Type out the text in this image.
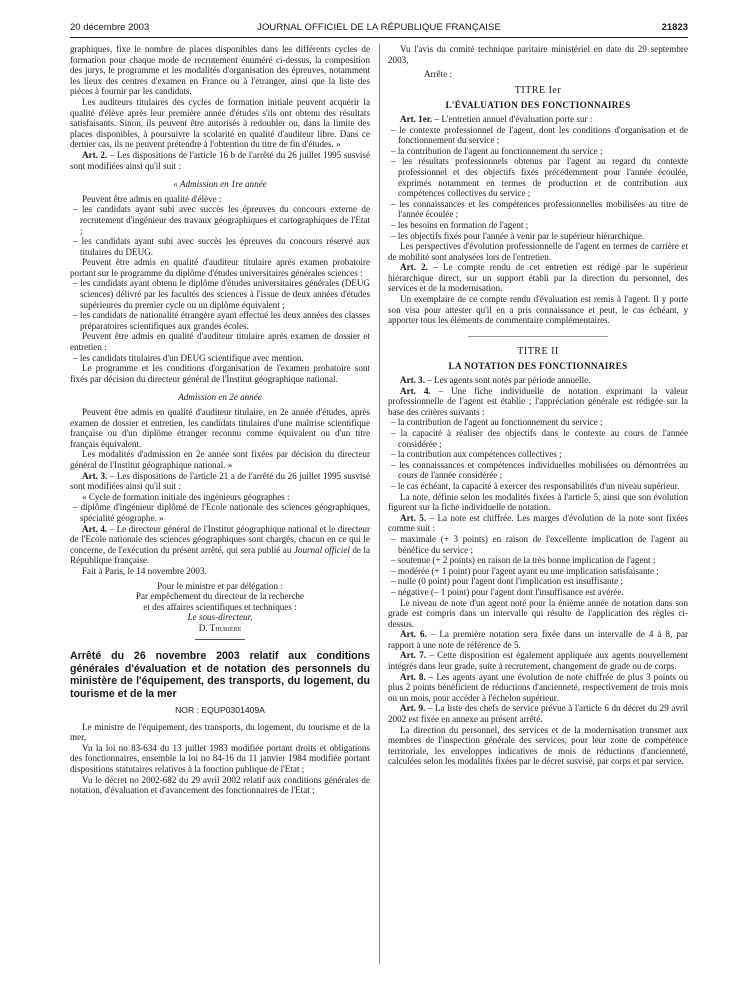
20 décembre 2003	JOURNAL OFFICIEL DE LA RÉPUBLIQUE FRANÇAISE	21823

graphiques, fixe le nombre de places disponibles dans les différents cycles de formation pour chaque mode de recrutement énuméré ci-dessus, la composition des jurys, le programme et les modalités d'organisation des épreuves, notamment les lieux des centres d'examen en France ou à l'étranger, ainsi que la liste des pièces à fournir par les candidats.

Les auditeurs titulaires des cycles de formation initiale peuvent acquérir la qualité d'élève après leur première année d'études s'ils ont obtenu des résultats satisfaisants. Sinon, ils peuvent être autorisés à redoubler ou, dans la limite des places disponibles, à poursuivre la scolarité en qualité d'auditeur libre. Dans ce dernier cas, ils ne peuvent prétendre à l'obtention du titre de fin d'études. »

Art. 2. – Les dispositions de l'article 16 b de l'arrêté du 26 juillet 1995 susvisé sont modifiées ainsi qu'il suit :

« Admission en 1re année

Peuvent être admis en qualité d'élève :

– les candidats ayant subi avec succès les épreuves du concours externe de recrutement d'ingénieur des travaux géographiques et cartographiques de l'Etat ;
– les candidats ayant subi avec succès les épreuves du concours réservé aux titulaires du DEUG.

Peuvent être admis en qualité d'auditeur titulaire après examen probatoire portant sur le programme du diplôme d'études universitaires générales sciences :

– les candidats ayant obtenu le diplôme d'études universitaires générales (DEUG sciences) délivré par les facultés des sciences à l'issue de deux années d'études supérieures du premier cycle ou un diplôme équivalent ;
– les candidats de nationalité étrangère ayant effectué les deux années des classes préparatoires scientifiques aux grandes écoles.

Peuvent être admis en qualité d'auditeur titulaire après examen de dossier et entretien :

– les candidats titulaires d'un DEUG scientifique avec mention.

Le programme et les conditions d'organisation de l'examen probatoire sont fixés par décision du directeur général de l'Institut géographique national.

Admission en 2e année

Peuvent être admis en qualité d'auditeur titulaire, en 2e année d'études, après examen de dossier et entretien, les candidats titulaires d'une maîtrise scientifique française ou d'un diplôme étranger reconnu comme équivalent ou d'un titre français équivalent.

Les modalités d'admission en 2e année sont fixées par décision du directeur général de l'Institut géographique national. »

Art. 3. – Les dispositions de l'article 21 a de l'arrêté du 26 juillet 1995 susvisé sont modifiées ainsi qu'il suit :

« Cycle de formation initiale des ingénieurs géographes :

– diplôme d'ingénieur diplômé de l'Ecole nationale des sciences géographiques, spécialité géographe. »

Art. 4. – Le directeur général de l'Institut géographique national et le directeur de l'Ecole nationale des sciences géographiques sont chargés, chacun en ce qui le concerne, de l'exécution du présent arrêté, qui sera publié au Journal officiel de la République française.

Fait à Paris, le 14 novembre 2003.

Pour le ministre et par délégation :

Par empêchement du directeur de la recherche

et des affaires scientifiques et techniques :

Le sous-directeur,

D. Thurière

Arrêté du 26 novembre 2003 relatif aux conditions générales d'évaluation et de notation des personnels du ministère de l'équipement, des transports, du logement, du tourisme et de la mer

NOR : EQUP0301409A

Le ministre de l'équipement, des transports, du logement, du tourisme et de la mer,

Vu la loi no 83-634 du 13 juillet 1983 modifiée portant droits et obligations des fonctionnaires, ensemble la loi no 84-16 du 11 janvier 1984 modifiée portant dispositions statutaires relatives à la fonction publique de l'Etat ;

Vu le décret no 2002-682 du 29 avril 2002 relatif aux conditions générales de notation, d'évaluation et d'avancement des fonctionnaires de l'Etat ;

Vu l'avis du comité technique paritaire ministériel en date du 29 septembre 2003,

Arrête :

TITRE Ier
L'ÉVALUATION DES FONCTIONNAIRES

Art. 1er. – L'entretien annuel d'évaluation porte sur :

– le contexte professionnel de l'agent, dont les conditions d'organisation et de fonctionnement du service ;
– la contribution de l'agent au fonctionnement du service ;
– les résultats professionnels obtenus par l'agent au regard du contexte professionnel et des objectifs fixés précédemment pour l'année écoulée, exprimés notamment en termes de production et de contribution aux compétences collectives du service ;
– les connaissances et les compétences professionnelles mobilisées au titre de l'année écoulée ;
– les besoins en formation de l'agent ;
– les objectifs fixés pour l'année à venir par le supérieur hiérarchique.

Les perspectives d'évolution professionnelle de l'agent en termes de carrière et de mobilité sont analysées lors de l'entretien.

Art. 2. – Le compte rendu de cet entretien est rédigé par le supérieur hiérarchique direct, sur un support établi par la direction du personnel, des services et de la modernisation.

Un exemplaire de ce compte rendu d'évaluation est remis à l'agent. Il y porte son visa pour attester qu'il en a pris connaissance et peut, le cas échéant, y apporter tous les éléments de commentaire complémentaires.

TITRE II
LA NOTATION DES FONCTIONNAIRES

Art. 3. – Les agents sont notés par période annuelle.

Art. 4. – Une fiche individuelle de notation exprimant la valeur professionnelle de l'agent est établie ; l'appréciation générale est rédigée sur la base des critères suivants :

– la contribution de l'agent au fonctionnement du service ;
– la capacité à réaliser des objectifs dans le contexte au cours de l'année considérée ;
– la contribution aux compétences collectives ;
– les connaissances et compétences individuelles mobilisées ou démontrées au cours de l'année considérée ;
– le cas échéant, la capacité à exercer des responsabilités d'un niveau supérieur.

La note, définie selon les modalités fixées à l'article 5, ainsi que son évolution figurent sur la fiche individuelle de notation.

Art. 5. – La note est chiffrée. Les marges d'évolution de la note sont fixées comme suit :

– maximale (+ 3 points) en raison de l'excellente implication de l'agent au bénéfice du service ;
– soutenue (+ 2 points) en raison de la très bonne implication de l'agent ;
– modérée (+ 1 point) pour l'agent ayant eu une implication satisfaisante ;
– nulle (0 point) pour l'agent dont l'implication est insuffisante ;
– négative (– 1 point) pour l'agent dont l'insuffisance est avérée.

Le niveau de note d'un agent noté pour la énième année de notation dans son grade est compris dans un intervalle qui résulte de l'application des règles ci-dessus.

Art. 6. – La première notation sera fixée dans un intervalle de 4 à 8, par rapport à une note de référence de 5.

Art. 7. – Cette disposition est également appliquée aux agents nouvellement intégrés dans leur grade, suite à recrutement, changement de grade ou de corps.

Art. 8. – Les agents ayant une évolution de note chiffrée de plus 3 points ou plus 2 points bénéficient de réductions d'ancienneté, respectivement de trois mois ou un mois, pour accéder à l'échelon supérieur.

Art. 9. – La liste des chefs de service prévue à l'article 6 du décret du 29 avril 2002 est fixée en annexe au présent arrêté.

La direction du personnel, des services et de la modernisation transmet aux membres de l'inspection générale des services, pour leur zone de compétence territoriale, les enveloppes indicatives de mois de réductions d'ancienneté, calculées selon les modalités fixées par le décret susvisé, par corps et par service.
